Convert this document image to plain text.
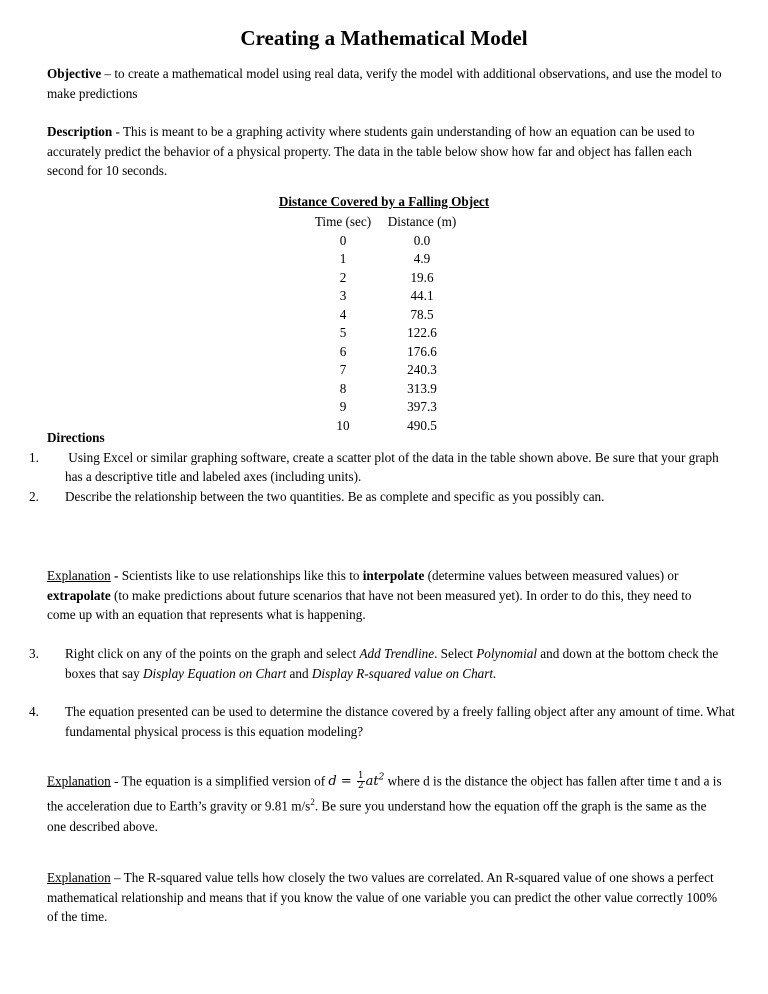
Creating a Mathematical Model

Objective – to create a mathematical model using real data, verify the model with additional observations, and use the model to make predictions

Description - This is meant to be a graphing activity where students gain understanding of how an equation can be used to accurately predict the behavior of a physical property. The data in the table below show how far and object has fallen each second for 10 seconds.

Distance Covered by a Falling Object
Time (sec)	Distance (m)
0	0.0
1	4.9
2	19.6
3	44.1
4	78.5
5	122.6
6	176.6
7	240.3
8	313.9
9	397.3
10	490.5
Directions
1. Using Excel or similar graphing software, create a scatter plot of the data in the table shown above. Be sure that your graph has a descriptive title and labeled axes (including units).
2. Describe the relationship between the two quantities. Be as complete and specific as you possibly can.

Explanation - Scientists like to use relationships like this to interpolate (determine values between measured values) or extrapolate (to make predictions about future scenarios that have not been measured yet). In order to do this, they need to come up with an equation that represents what is happening.

3. Right click on any of the points on the graph and select Add Trendline. Select Polynomial and down at the bottom check the boxes that say Display Equation on Chart and Display R-squared value on Chart.
4. The equation presented can be used to determine the distance covered by a freely falling object after any amount of time. What fundamental physical process is this equation modeling?

Explanation - The equation is a simplified version of $d = \frac{1}{2} at^2$ where d is the distance the object has fallen after time t and a is the acceleration due to Earth’s gravity or 9.81 $m/s^2$. Be sure you understand how the equation off the graph is the same as the one described above.

Explanation – The R-squared value tells how closely the two values are correlated. An R-squared value of one shows a perfect mathematical relationship and means that if you know the value of one variable you can predict the other value correctly 100% of the time.
